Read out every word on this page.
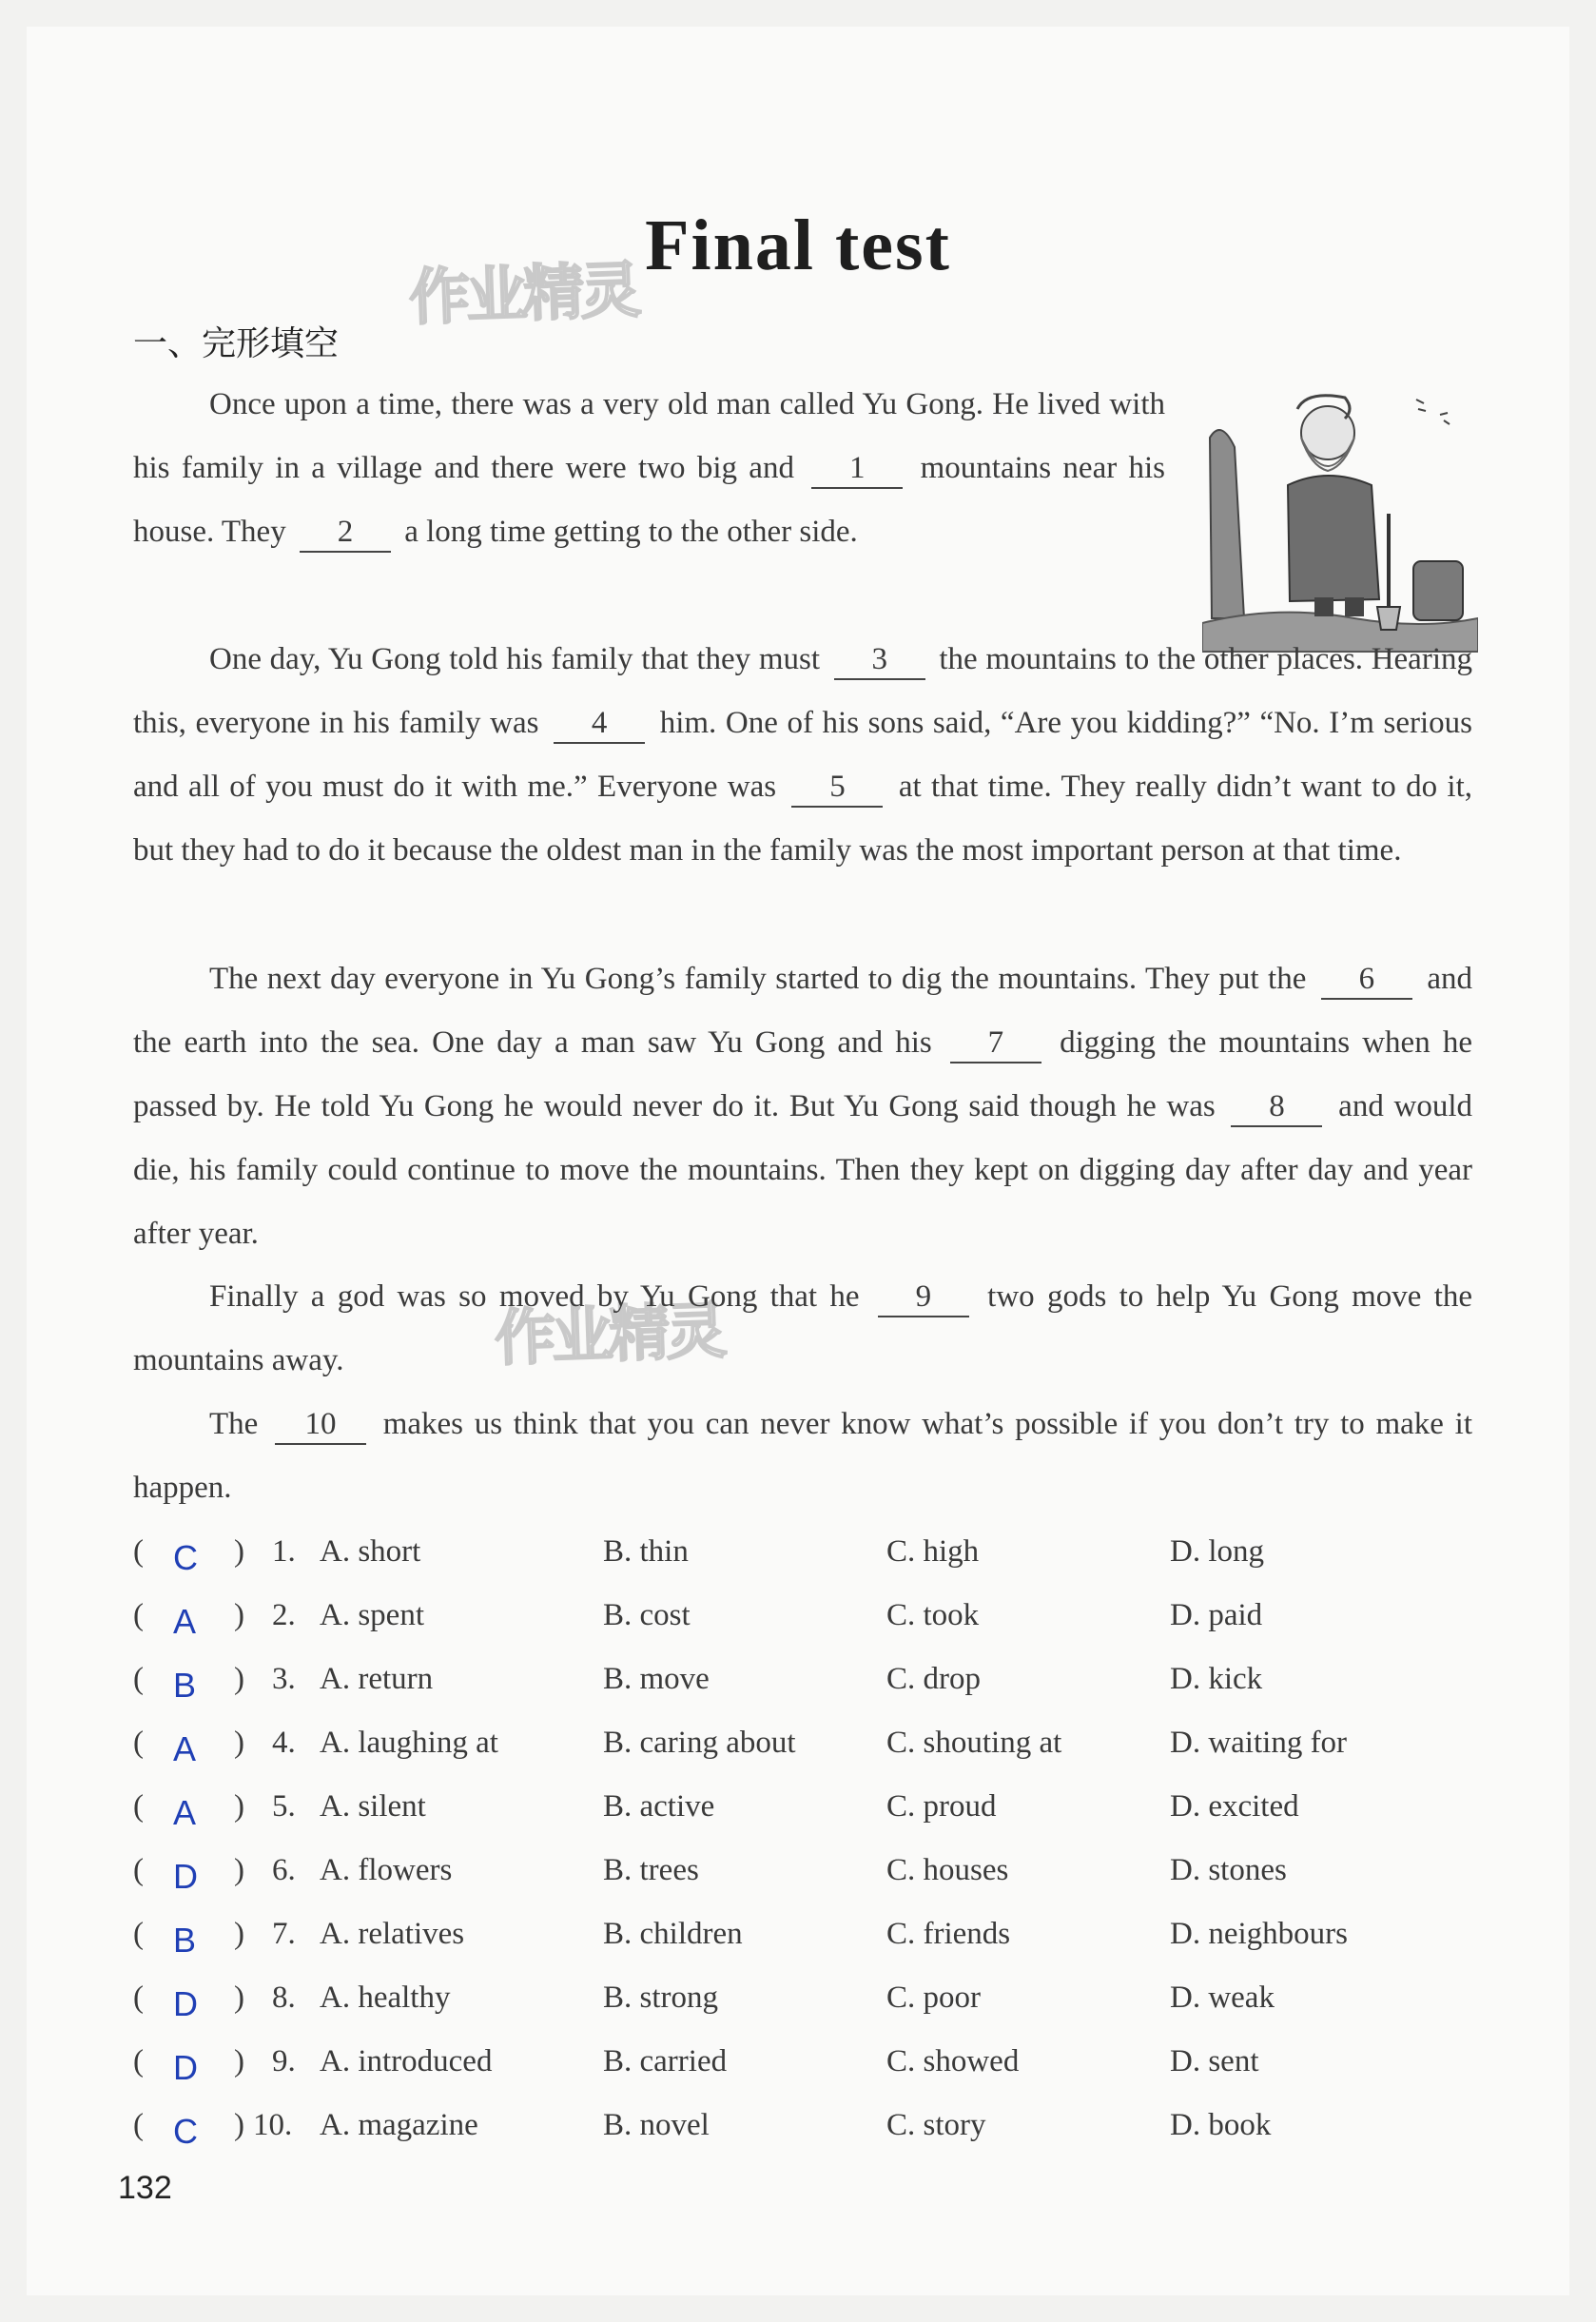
Final test
作业精灵
作业精灵
一、完形填空
Once upon a time, there was a very old man called Yu Gong. He lived with his family in a village and there were two big and 1 mountains near his house. They 2 a long time getting to the other side.
One day, Yu Gong told his family that they must 3 the mountains to the other places. Hearing this, everyone in his family was 4 him. One of his sons said, “Are you kidding?” “No. I’m serious and all of you must do it with me.” Everyone was 5 at that time. They really didn’t want to do it, but they had to do it because the oldest man in the family was the most important person at that time.
The next day everyone in Yu Gong’s family started to dig the mountains. They put the 6 and the earth into the sea. One day a man saw Yu Gong and his 7 digging the mountains when he passed by. He told Yu Gong he would never do it. But Yu Gong said though he was 8 and would die, his family could continue to move the mountains. Then they kept on digging day after day and year after year.
Finally a god was so moved by Yu Gong that he 9 two gods to help Yu Gong move the mountains away.
The 10 makes us think that you can never know what’s possible if you don’t try to make it happen.
( C ) 1. A. short	B. thin	C. high	D. long
( A ) 2. A. spent	B. cost	C. took	D. paid
( B ) 3. A. return	B. move	C. drop	D. kick
( A ) 4. A. laughing at	B. caring about	C. shouting at	D. waiting for
( A ) 5. A. silent	B. active	C. proud	D. excited
( D ) 6. A. flowers	B. trees	C. houses	D. stones
( B ) 7. A. relatives	B. children	C. friends	D. neighbours
( D ) 8. A. healthy	B. strong	C. poor	D. weak
( D ) 9. A. introduced	B. carried	C. showed	D. sent
( C ) 10. A. magazine	B. novel	C. story	D. book
132
